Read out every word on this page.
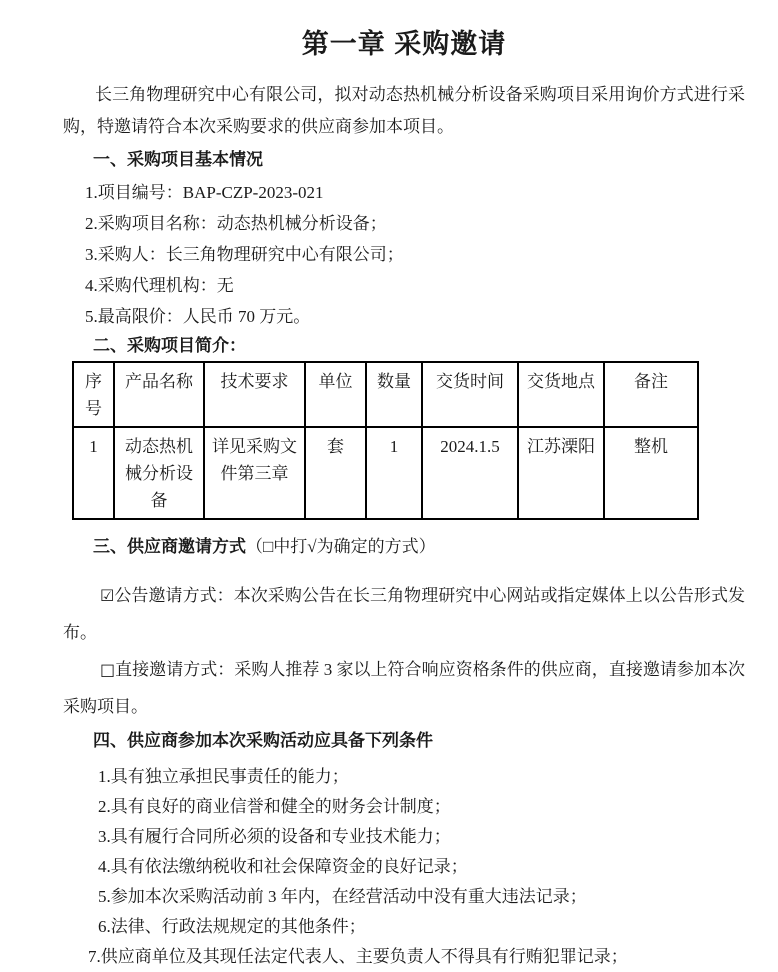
第一章 采购邀请

长三角物理研究中心有限公司，拟对动态热机械分析设备采购项目采用询价方式进行采购，特邀请符合本次采购要求的供应商参加本项目。

一、采购项目基本情况

1.项目编号：BAP-CZP-2023-021

2.采购项目名称：动态热机械分析设备；

3.采购人：长三角物理研究中心有限公司；

4.采购代理机构：无

5.最高限价：人民币 70 万元。

二、采购项目简介：
序号	产品名称	技术要求	单位	数量	交货时间	交货地点	备注
1	动态热机械分析设备	详见采购文件第三章	套	1	2024.1.5	江苏溧阳	整机
三、供应商邀请方式（□中打√为确定的方式）

☑公告邀请方式：本次采购公告在长三角物理研究中心网站或指定媒体上以公告形式发布。

□直接邀请方式：采购人推荐 3 家以上符合响应资格条件的供应商，直接邀请参加本次采购项目。

四、供应商参加本次采购活动应具备下列条件

1.具有独立承担民事责任的能力；

2.具有良好的商业信誉和健全的财务会计制度；

3.具有履行合同所必须的设备和专业技术能力；

4.具有依法缴纳税收和社会保障资金的良好记录；

5.参加本次采购活动前 3 年内，在经营活动中没有重大违法记录；

6.法律、行政法规规定的其他条件；

7.供应商单位及其现任法定代表人、主要负责人不得具有行贿犯罪记录；
